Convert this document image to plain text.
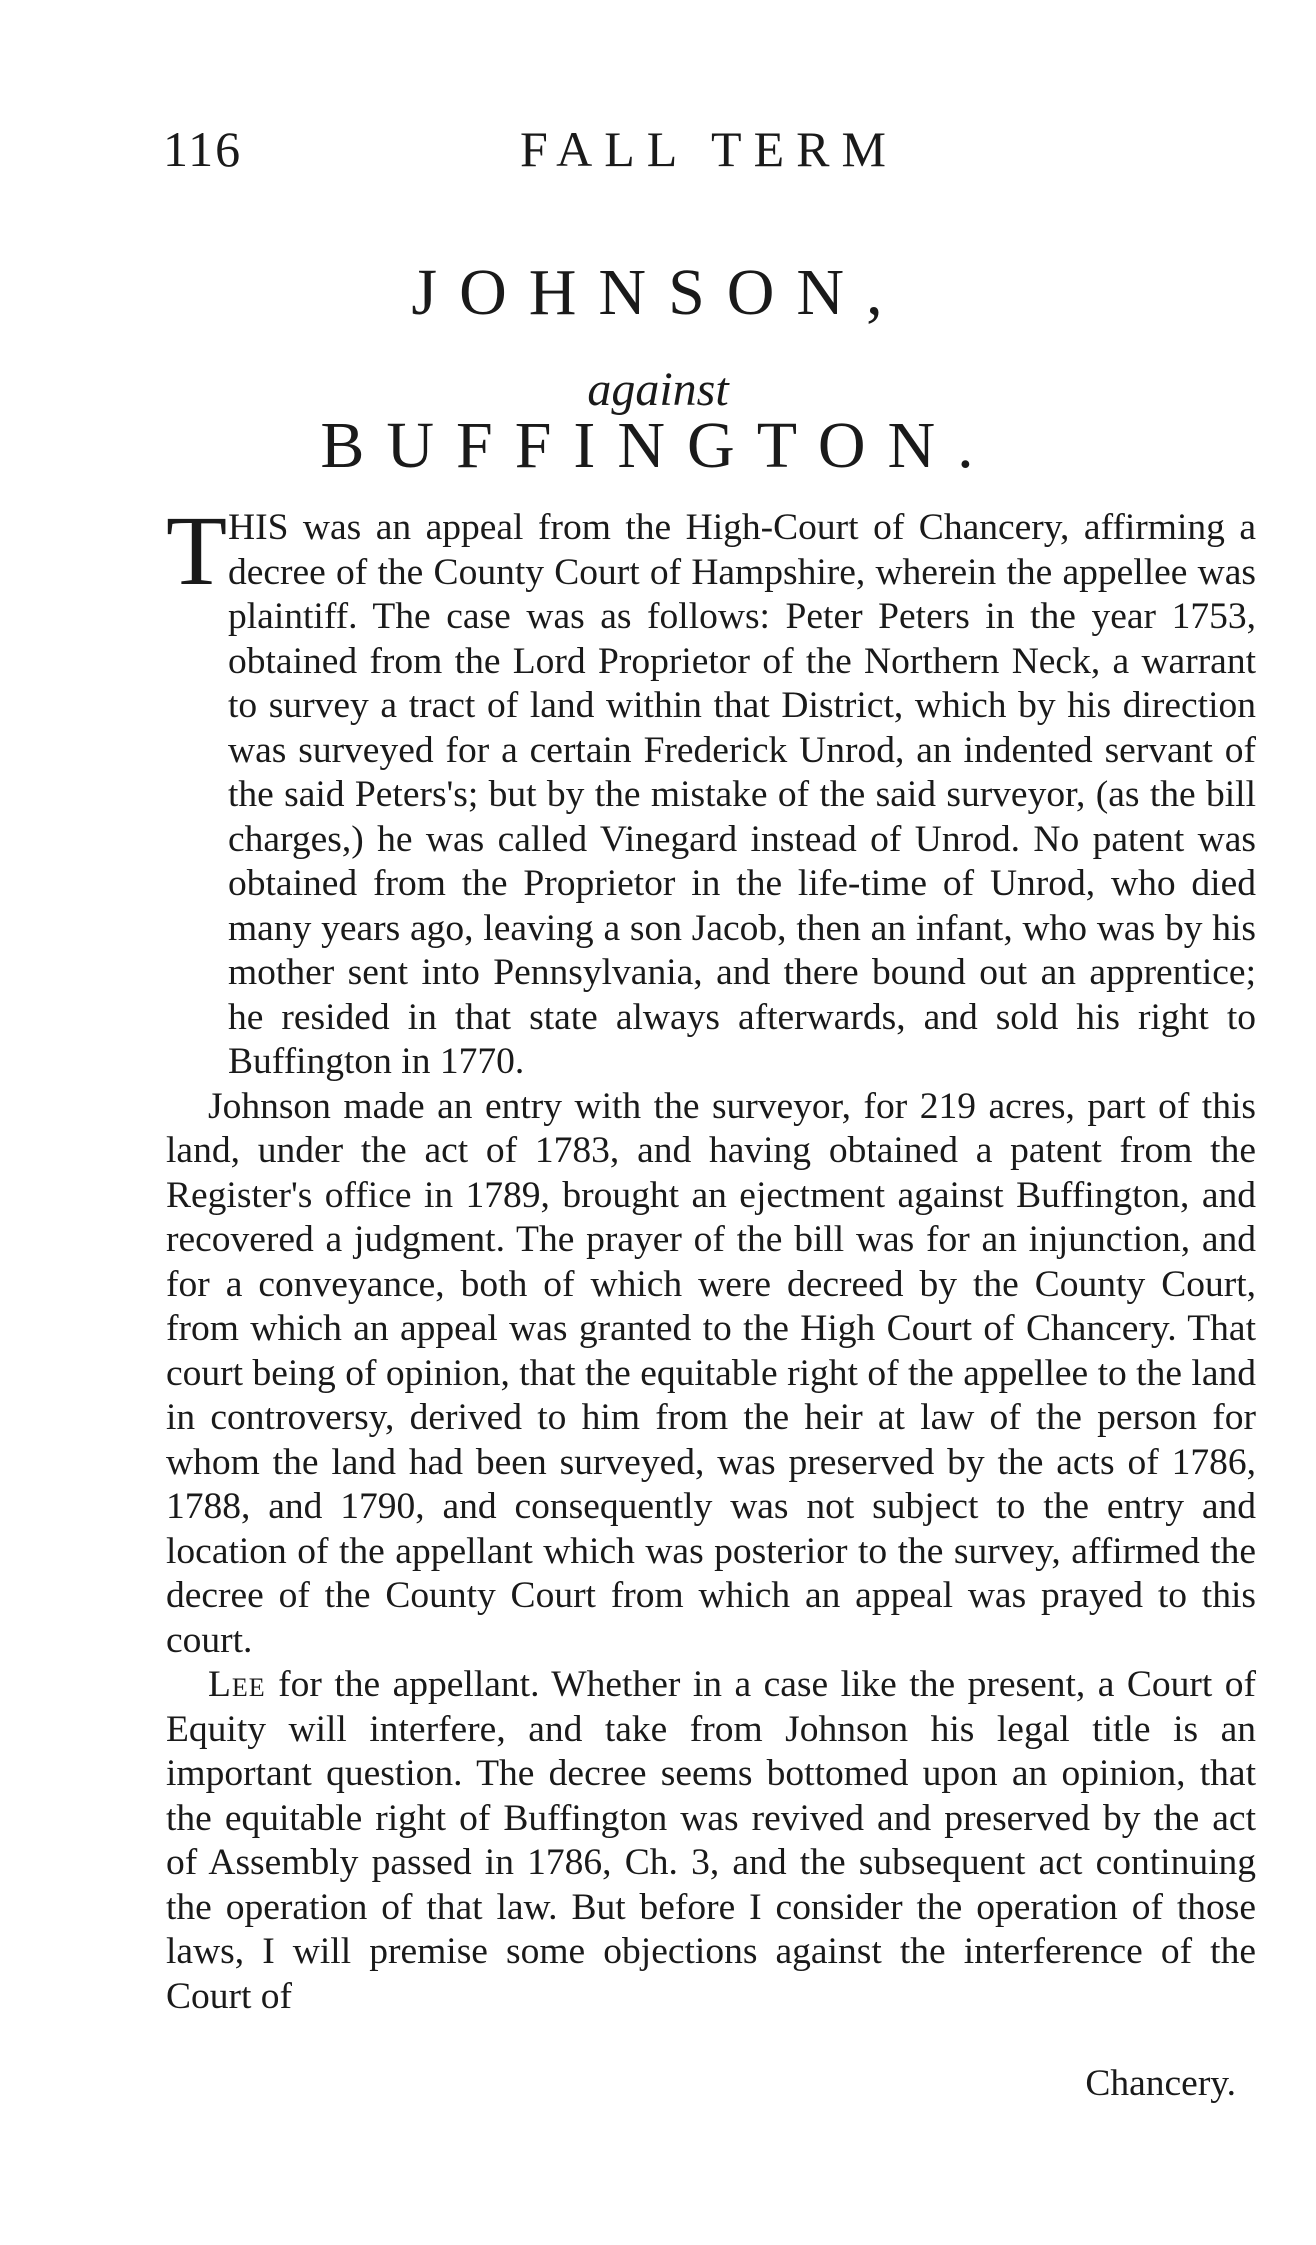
116	FALL TERM
JOHNSON,
against
BUFFINGTON.

T HIS was an appeal from the High-Court of Chancery, affirming a decree of the County Court of Hampshire, wherein the appellee was plaintiff. The case was as follows: Peter Peters in the year 1753, obtained from the Lord Proprietor of the Northern Neck, a warrant to survey a tract of land within that District, which by his direction was surveyed for a certain Frederick Unrod, an indented servant of the said Peters's; but by the mistake of the said surveyor, (as the bill charges,) he was called Vinegard instead of Unrod. No patent was obtained from the Proprietor in the life-time of Unrod, who died many years ago, leaving a son Jacob, then an infant, who was by his mother sent into Pennsylvania, and there bound out an apprentice; he resided in that state always afterwards, and sold his right to Buffington in 1770.

Johnson made an entry with the surveyor, for 219 acres, part of this land, under the act of 1783, and having obtained a patent from the Register's office in 1789, brought an ejectment against Buffington, and recovered a judgment. The prayer of the bill was for an injunction, and for a conveyance, both of which were decreed by the County Court, from which an appeal was granted to the High Court of Chancery. That court being of opinion, that the equitable right of the appellee to the land in controversy, derived to him from the heir at law of the person for whom the land had been surveyed, was preserved by the acts of 1786, 1788, and 1790, and consequently was not subject to the entry and location of the appellant which was posterior to the survey, affirmed the decree of the County Court from which an appeal was prayed to this court.

Lee for the appellant. Whether in a case like the present, a Court of Equity will interfere, and take from Johnson his legal title is an important question. The decree seems bottomed upon an opinion, that the equitable right of Buffington was revived and preserved by the act of Assembly passed in 1786, Ch. 3, and the subsequent act continuing the operation of that law. But before I consider the operation of those laws, I will premise some objections against the interference of the Court of

Chancery.
